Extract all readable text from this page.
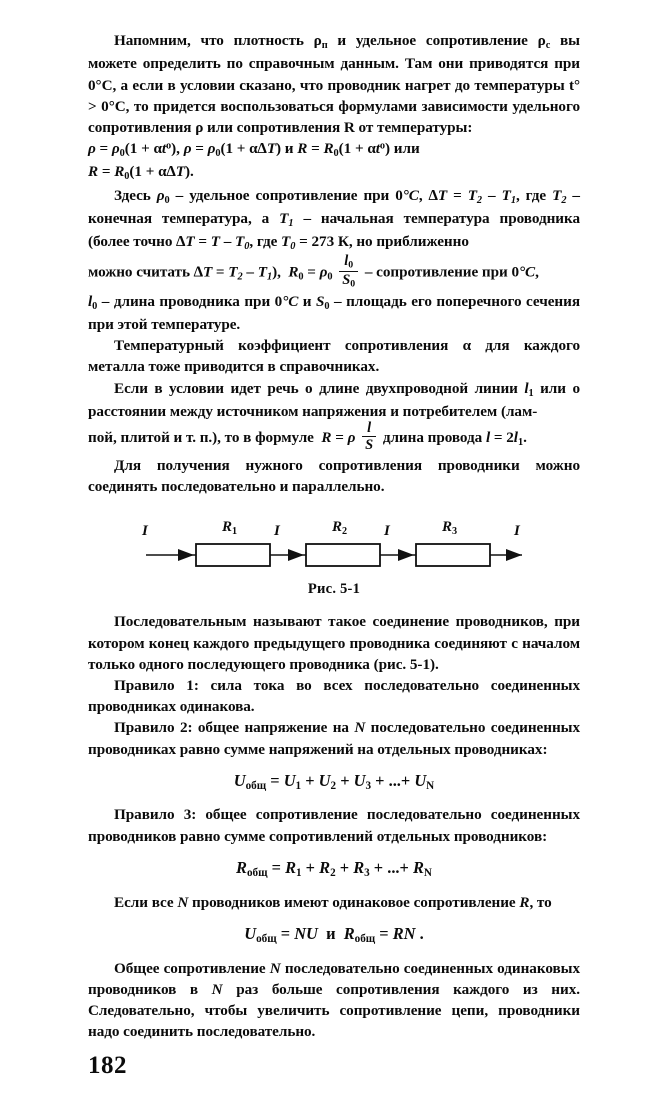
Напомним, что плотность $\rho_п$ и удельное сопротивление $\rho_с$ вы можете определить по справочным данным. Там они приводятся при 0°C, а если в условии сказано, что проводник нагрет до температуры t° > 0°C, то придется воспользоваться формулами зависимости удельного сопротивления ρ или сопротивления R от температуры:

$\rho = \rho_0(1 + \alpha t^o)$, $\rho = \rho_0(1 + \alpha\Delta T)$ и $R = R_0(1 + \alpha t^o)$ или
$R = R_0(1 + \alpha\Delta T)$.

Здесь $\rho_0$ – удельное сопротивление при 0°C, $\Delta T = T_2 - T_1$, где $T_2$ – конечная температура, а $T_1$ – начальная температура проводника (более точно $\Delta T = T - T_0$, где $T_0 = 273$ К, но приближенно

можно считать $\Delta T = T_2 - T_1$),  $R_0 = \rho_0 \frac{l_0}{S_0}$ – сопротивление при 0°C,

$l_0$ – длина проводника при 0°C и $S_0$ – площадь его поперечного сечения при этой температуре.

Температурный коэффициент сопротивления α для каждого металла тоже приводится в справочниках.

Если в условии идет речь о длине двухпроводной линии $l_1$ или о расстоянии между источником напряжения и потребителем (лам-

пой, плитой и т. п.), то в формуле  R = ρ $\frac{l}{S}$ длина провода $l = 2l_1$.

Для получения нужного сопротивления проводники можно соединять последовательно и параллельно.

I	I	I	I
$R_1$	$R_2$	$R_3$
Рис. 5-1

Последовательным называют такое соединение проводников, при котором конец каждого предыдущего проводника соединяют с началом только одного последующего проводника (рис. 5-1).

Правило 1: сила тока во всех последовательно соединенных проводниках одинакова.

Правило 2: общее напряжение на N последовательно соединенных проводниках равно сумме напряжений на отдельных проводниках:

$U_{общ} = U_1 + U_2 + U_3$ + ...+ $U_N$

Правило 3: общее сопротивление последовательно соединенных проводников равно сумме сопротивлений отдельных проводников:

$R_{общ} = R_1 + R_2 + R_3$ + ...+ $R_N$

Если все N проводников имеют одинаковое сопротивление R, то

$U_{общ}$ = NU  и  $R_{общ}$ = RN .

Общее сопротивление N последовательно соединенных одинаковых проводников в N раз больше сопротивления каждого из них. Следовательно, чтобы увеличить сопротивление цепи, проводники надо соединить последовательно.

182
